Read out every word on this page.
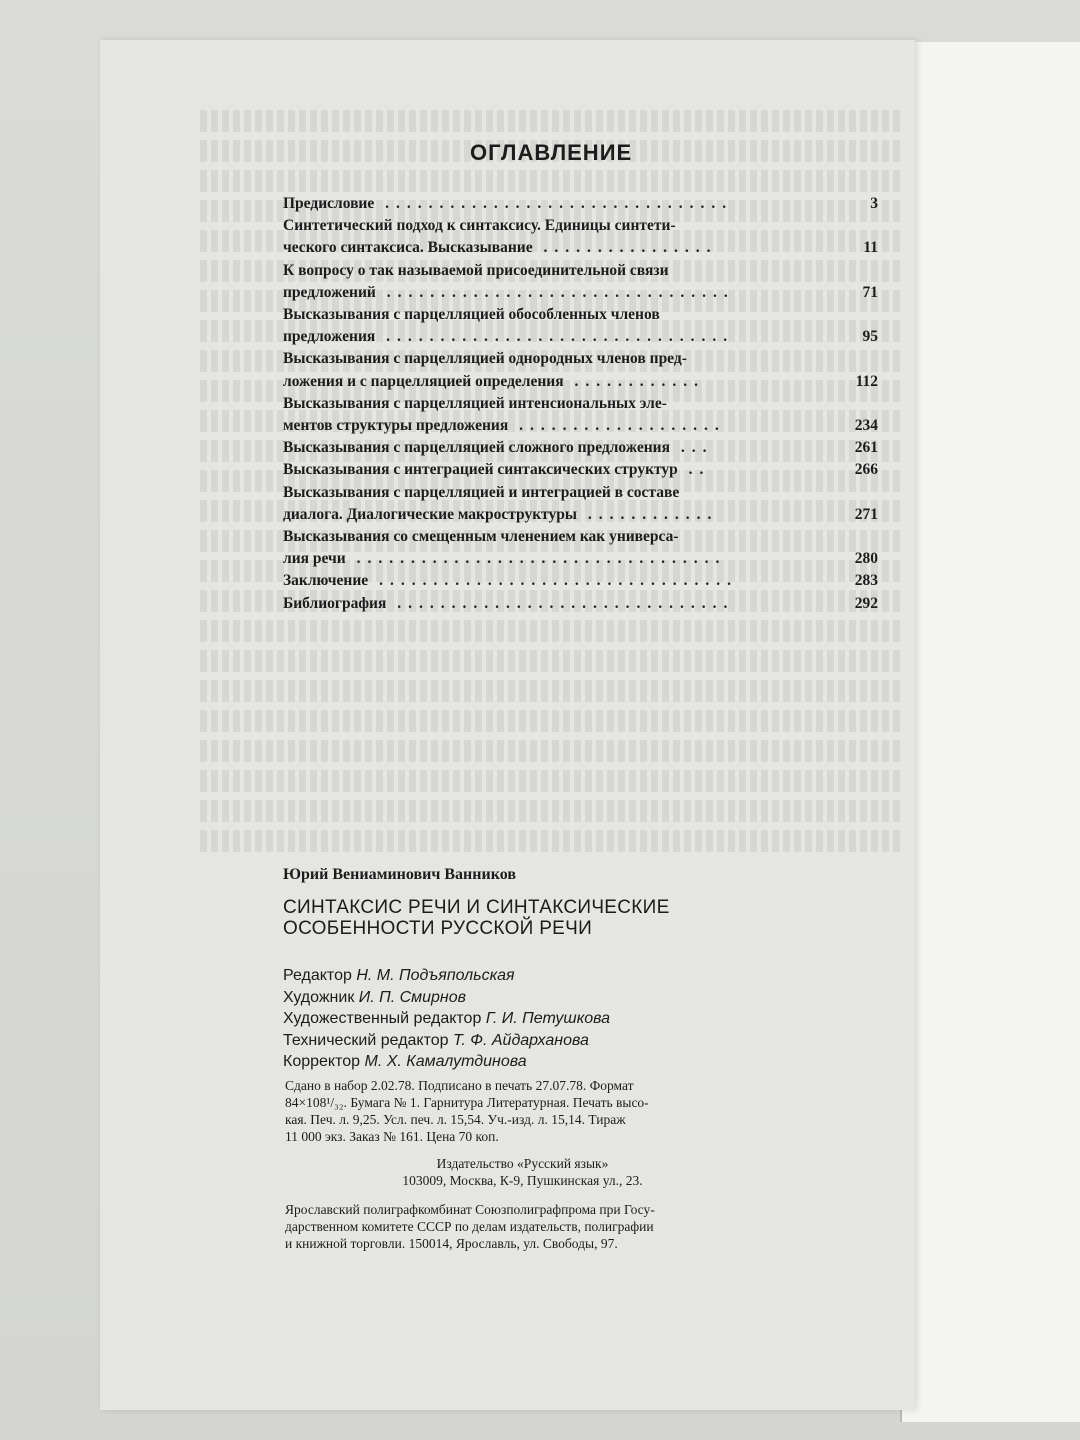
ОГЛАВЛЕНИЕ
Предисловие ................................	3
Синтетический подход к синтаксису. Единицы синтети-
ческого синтаксиса. Высказывание ................	11
К вопросу о так называемой присоединительной связи
предложений ................................	71
Высказывания с парцелляцией обособленных членов
предложения ................................	95
Высказывания с парцелляцией однородных членов пред-
ложения и с парцелляцией определения ............	112
Высказывания с парцелляцией интенсиональных эле-
ментов структуры предложения ...................	234
Высказывания с парцелляцией сложного предложения ...	261
Высказывания с интеграцией синтаксических структур ..	266
Высказывания с парцелляцией и интеграцией в составе
диалога. Диалогические макроструктуры ............	271
Высказывания со смещенным членением как универса-
лия речи ..................................	280
Заключение .................................	283
Библиография ...............................	292
Юрий Вениаминович Ванников
СИНТАКСИС РЕЧИ И СИНТАКСИЧЕСКИЕ
ОСОБЕННОСТИ РУССКОЙ РЕЧИ
Редактор Н. М. Подъяпольская
Художник И. П. Смирнов
Художественный редактор Г. И. Петушкова
Технический редактор Т. Ф. Айдарханова
Корректор М. Х. Камалутдинова
Сдано в набор 2.02.78. Подписано в печать 27.07.78. Формат
84×108¹/₃₂. Бумага № 1. Гарнитура Литературная. Печать высо-
кая. Печ. л. 9,25. Усл. печ. л. 15,54. Уч.-изд. л. 15,14. Тираж
11 000 экз. Заказ № 161. Цена 70 коп.
Издательство «Русский язык»
103009, Москва, К-9, Пушкинская ул., 23.
Ярославский полиграфкомбинат Союзполиграфпрома при Госу-
дарственном комитете СССР по делам издательств, полиграфии
и книжной торговли. 150014, Ярославль, ул. Свободы, 97.
